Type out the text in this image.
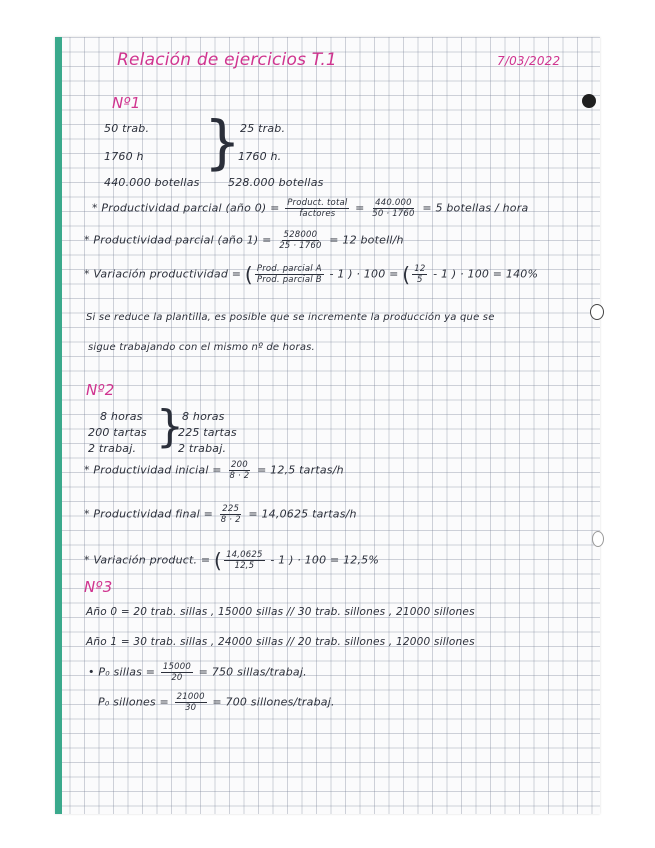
Relación de ejercicios T.1	7/03/2022
Nº1
50 trab.
1760 h
440.000 botellas
} 25 trab.
1760 h.
528.000 botellas
* Productividad parcial (año $0) = \frac{\text{Product. total}}{\text{factores}} = \frac{440.000}{50 \cdot 1760} = 5$ botellas / hora
* Productividad parcial (año $1) = \frac{528000}{25 \cdot 1760} = 12$ botell/h
* Variación productividad = ( $\frac{\text{Prod. parcial A}}{\text{Prod. parcial B}} - 1$ ) · 100 = ( $\frac{12}{5} - 1$ ) · 100 = 140%
Si se reduce la plantilla, es posible que se incremente la producción ya que se
sigue trabajando con el mismo nº de horas.
Nº2
8 horas
200 tartas
2 trabaj. }
8 horas
225 tartas
2 trabaj.
* Productividad inicial = $\frac{200}{8 \cdot 2} = 12,5$ tartas/h
* Productividad final = $\frac{225}{8 \cdot 2} = 14,0625$ tartas/h
* Variación product. = ( $\frac{14,0625}{12,5} - 1$ ) · 100 = 12,5%
Nº3
Año 0 = 20 trab. sillas , 15000 sillas // 30 trab. sillones , 21000 sillones
Año 1 = 30 trab. sillas , 24000 sillas // 20 trab. sillones , 12000 sillones
• P₀ sillas = $\frac{15000}{20} = 750$ sillas/trabaj.
P₀ sillones = $\frac{21000}{30} = 700$ sillones/trabaj.
